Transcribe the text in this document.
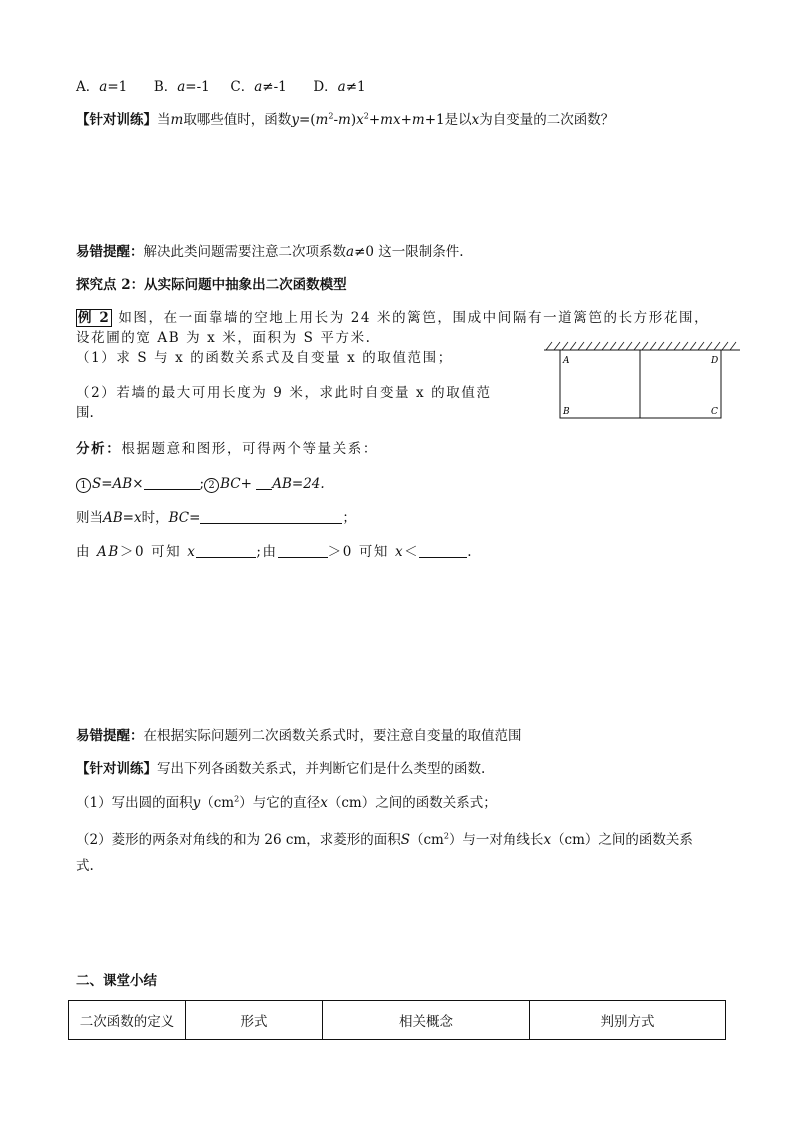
A．a=1 B．a=-1 C．a≠-1 D．a≠1
【针对训练】当m取哪些值时，函数$y=(m^2-m)x^2+mx+m+1$是以x为自变量的二次函数？
易错提醒：解决此类问题需要注意二次项系数a≠0 这一限制条件.
探究点 2：从实际问题中抽象出二次函数模型
例 2 如图，在一面靠墙的空地上用长为 24 米的篱笆，围成中间隔有一道篱笆的长方形花围，
设花圃的宽 AB 为 x 米，面积为 S 平方米.
（1）求 S 与 x 的函数关系式及自变量 x 的取值范围；
（2）若墙的最大可用长度为 9 米，求此时自变量 x 的取值范
围.
A	D
B	C
分析：根据题意和图形，可得两个等量关系：
1 S=AB×	; 2 BC+ AB=24.
则当AB=x时，BC=	；
由 AB＞0 可知 x	;由	＞0 可知 x＜	.
易错提醒：在根据实际问题列二次函数关系式时，要注意自变量的取值范围
【针对训练】写出下列各函数关系式，并判断它们是什么类型的函数.
（1）写出圆的面积$y(cm^2)$与它的直径x（cm）之间的函数关系式；
（2）菱形的两条对角线的和为 26 cm，求菱形的面积$S(cm^2)$与一对角线长x（cm）之间的函数关系
式.
二、课堂小结
二次函数的定义	形式	相关概念	判别方式
